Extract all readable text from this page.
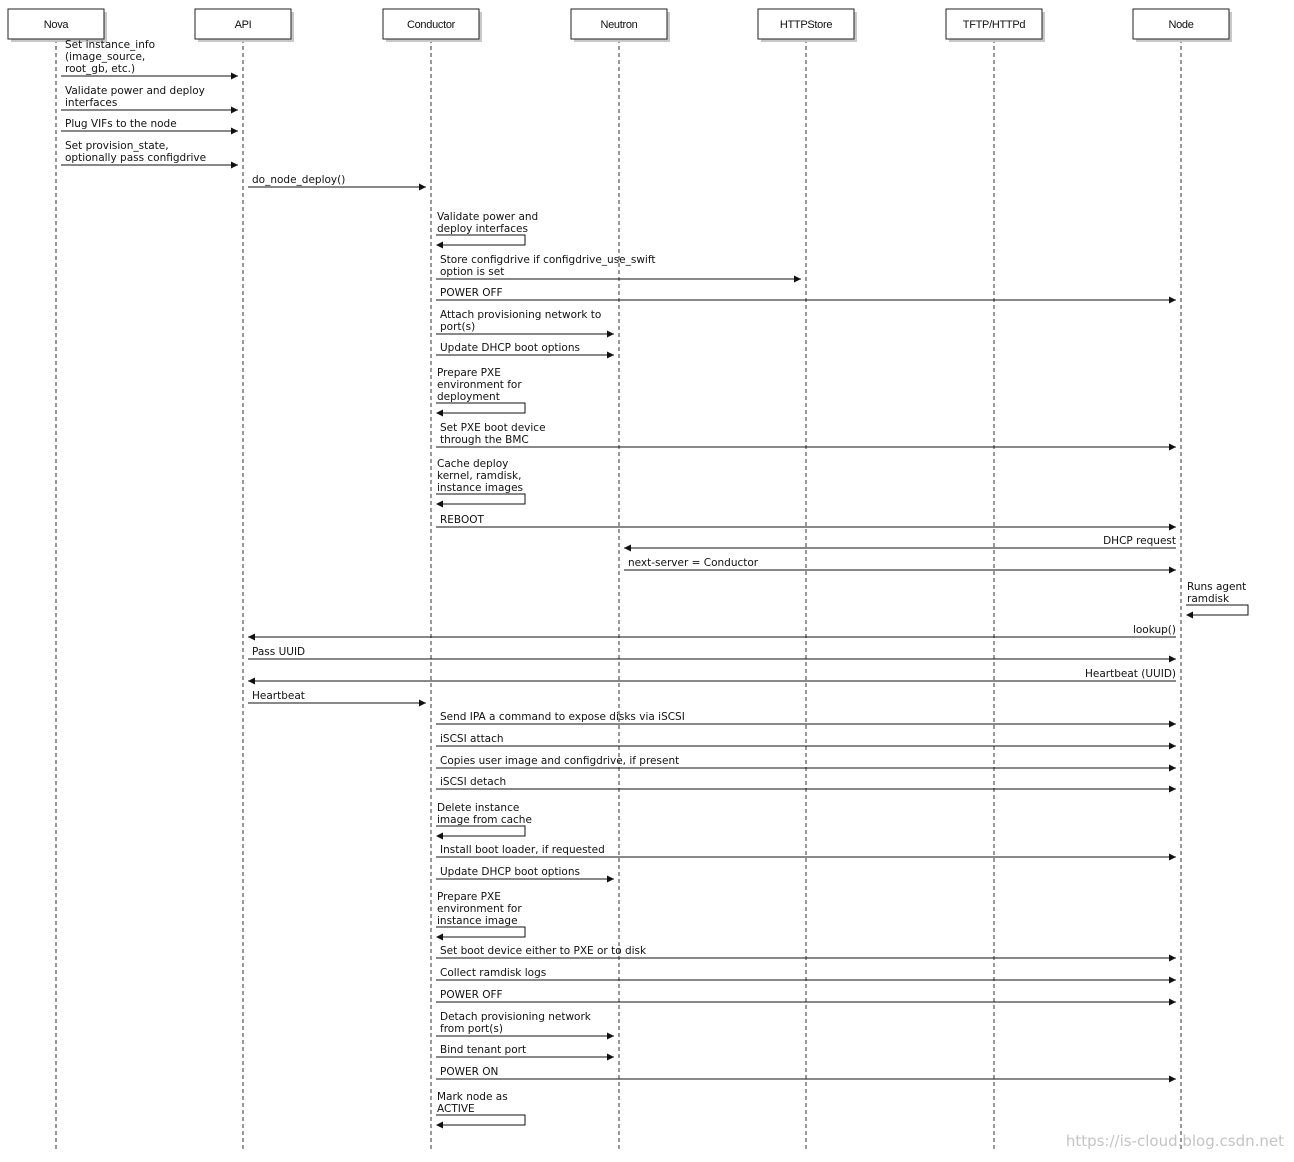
Nova	API	Conductor	Neutron	HTTPStore	TFTP/HTTPd	Node
Set instance_info
(image_source,
root_gb, etc.)
Validate power and deploy
interfaces
Plug VIFs to the node
Set provision_state,
optionally pass configdrive
do_node_deploy()
Validate power and
deploy interfaces
Store configdrive if configdrive_use_swift
option is set
POWER OFF
Attach provisioning network to
port(s)
Update DHCP boot options
Prepare PXE
environment for
deployment
Set PXE boot device
through the BMC
Cache deploy
kernel, ramdisk,
instance images
REBOOT
DHCP request
next-server = Conductor
Runs agent
ramdisk
lookup()
Pass UUID
Heartbeat (UUID)
Heartbeat
Send IPA a command to expose disks via iSCSI
iSCSI attach
Copies user image and configdrive, if present
iSCSI detach
Delete instance
image from cache
Install boot loader, if requested
Update DHCP boot options
Prepare PXE
environment for
instance image
Set boot device either to PXE or to disk
Collect ramdisk logs
POWER OFF
Detach provisioning network
from port(s)
Bind tenant port
POWER ON
Mark node as
ACTIVE
https://is-cloud.blog.csdn.net
